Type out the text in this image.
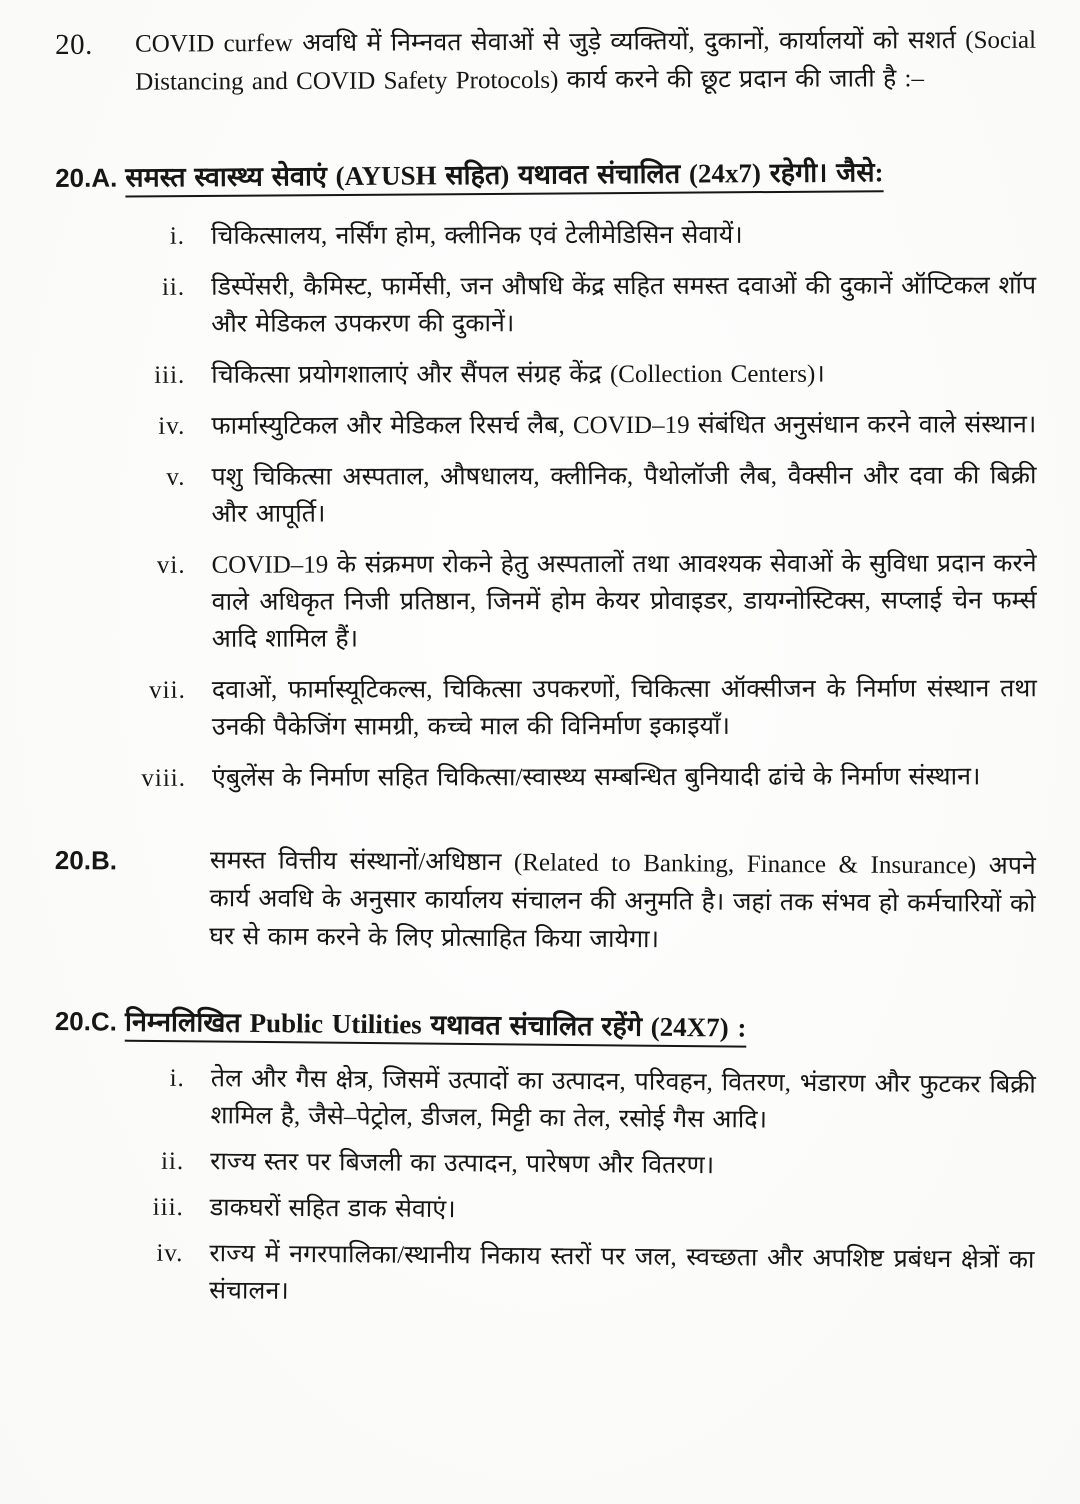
20.	COVID curfew अवधि में निम्नवत सेवाओं से जुड़े व्यक्तियों, दुकानों, कार्यालयों को सशर्त (Social Distancing and COVID Safety Protocols) कार्य करने की छूट प्रदान की जाती है :–
20.A. समस्त स्वास्थ्य सेवाएं (AYUSH सहित) यथावत संचालित (24x7) रहेगी। जैसे:
i.	चिकित्सालय, नर्सिंग होम, क्लीनिक एवं टेलीमेडिसिन सेवायें।
ii.	डिस्पेंसरी, कैमिस्ट, फार्मेसी, जन औषधि केंद्र सहित समस्त दवाओं की दुकानें ऑप्टिकल शॉप और मेडिकल उपकरण की दुकानें।
iii.	चिकित्सा प्रयोगशालाएं और सैंपल संग्रह केंद्र (Collection Centers)।
iv.	फार्मास्युटिकल और मेडिकल रिसर्च लैब, COVID–19 संबंधित अनुसंधान करने वाले संस्थान।
v.	पशु चिकित्सा अस्पताल, औषधालय, क्लीनिक, पैथोलॉजी लैब, वैक्सीन और दवा की बिक्री और आपूर्ति।
vi.	COVID–19 के संक्रमण रोकने हेतु अस्पतालों तथा आवश्यक सेवाओं के सुविधा प्रदान करने वाले अधिकृत निजी प्रतिष्ठान, जिनमें होम केयर प्रोवाइडर, डायग्नोस्टिक्स, सप्लाई चेन फर्म्स आदि शामिल हैं।
vii.	दवाओं, फार्मास्यूटिकल्स, चिकित्सा उपकरणों, चिकित्सा ऑक्सीजन के निर्माण संस्थान तथा उनकी पैकेजिंग सामग्री, कच्चे माल की विनिर्माण इकाइयाँ।
viii.	एंबुलेंस के निर्माण सहित चिकित्सा/स्वास्थ्य सम्बन्धित बुनियादी ढांचे के निर्माण संस्थान।
20.B.	समस्त वित्तीय संस्थानों/अधिष्ठान (Related to Banking, Finance & Insurance) अपने कार्य अवधि के अनुसार कार्यालय संचालन की अनुमति है। जहां तक संभव हो कर्मचारियों को घर से काम करने के लिए प्रोत्साहित किया जायेगा।
20.C. निम्नलिखित Public Utilities यथावत संचालित रहेंगे (24X7) :
i.	तेल और गैस क्षेत्र, जिसमें उत्पादों का उत्पादन, परिवहन, वितरण, भंडारण और फुटकर बिक्री शामिल है, जैसे–पेट्रोल, डीजल, मिट्टी का तेल, रसोई गैस आदि।
ii.	राज्य स्तर पर बिजली का उत्पादन, पारेषण और वितरण।
iii.	डाकघरों सहित डाक सेवाएं।
iv.	राज्य में नगरपालिका/स्थानीय निकाय स्तरों पर जल, स्वच्छता और अपशिष्ट प्रबंधन क्षेत्रों का संचालन।
